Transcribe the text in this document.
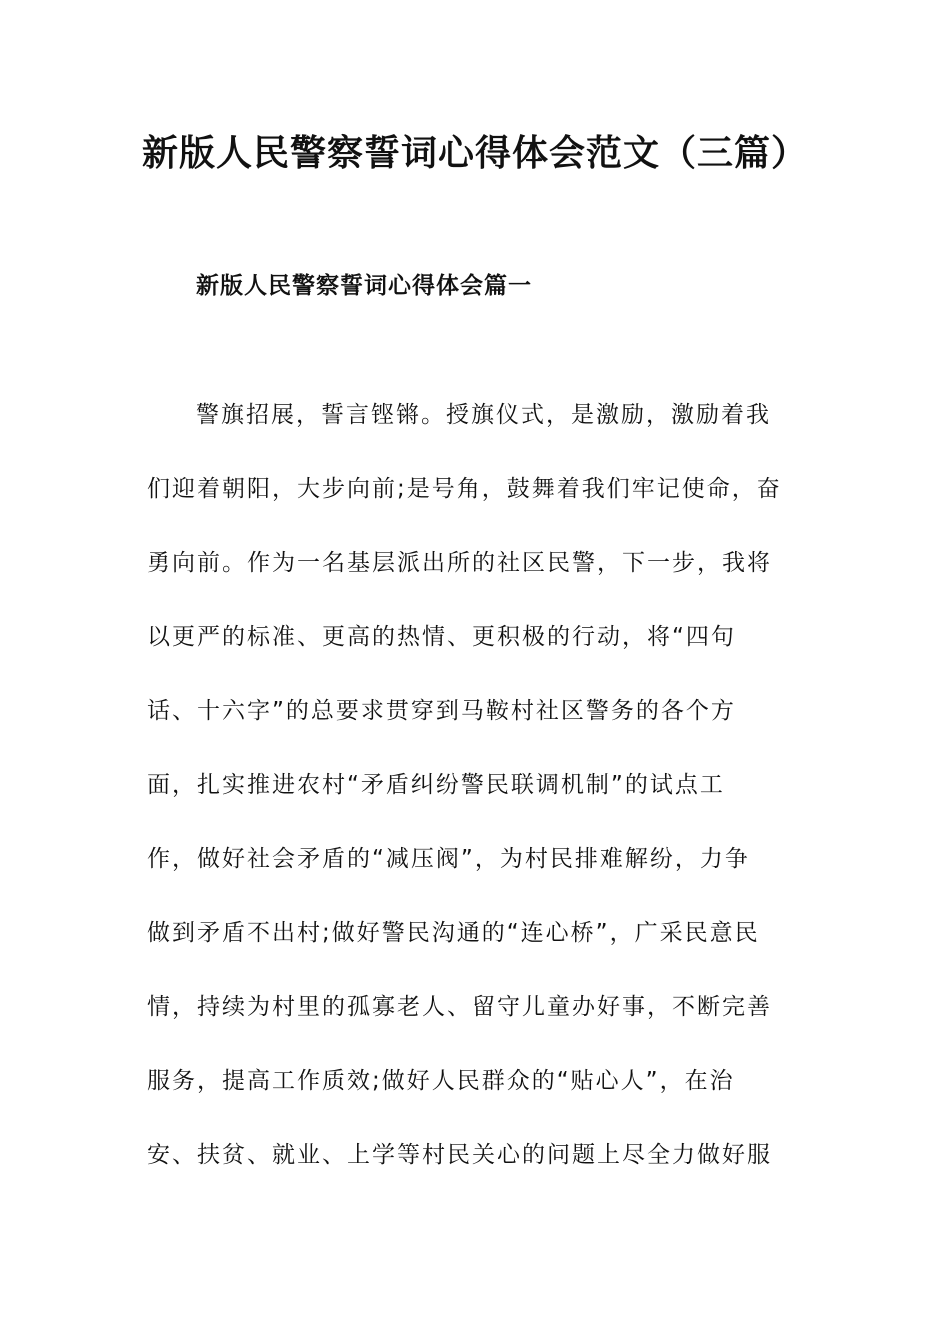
新版人民警察誓词心得体会范文（三篇）
新版人民警察誓词心得体会篇一
警旗招展，誓言铿锵。授旗仪式，是激励，激励着我
们迎着朝阳，大步向前;是号角，鼓舞着我们牢记使命，奋
勇向前。作为一名基层派出所的社区民警，下一步，我将
以更严的标准、更高的热情、更积极的行动，将“四句
话、十六字”的总要求贯穿到马鞍村社区警务的各个方
面，扎实推进农村“矛盾纠纷警民联调机制”的试点工
作，做好社会矛盾的“减压阀”，为村民排难解纷，力争
做到矛盾不出村;做好警民沟通的“连心桥”，广采民意民
情，持续为村里的孤寡老人、留守儿童办好事，不断完善
服务，提高工作质效;做好人民群众的“贴心人”，在治
安、扶贫、就业、上学等村民关心的问题上尽全力做好服
